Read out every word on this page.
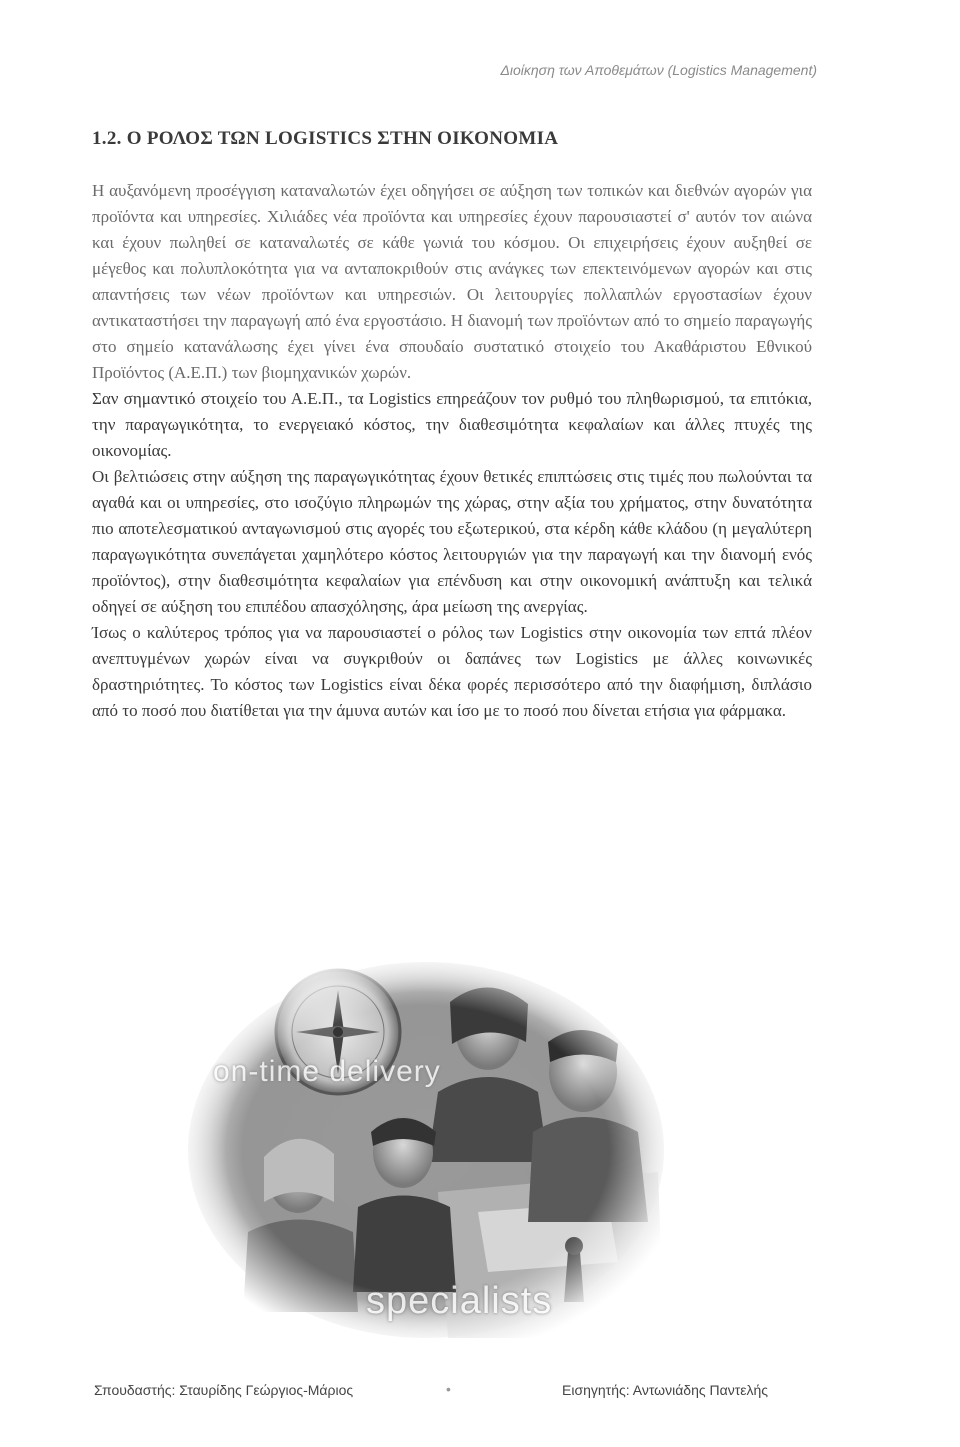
Διοίκηση των Αποθεμάτων (Logistics Management)
1.2. Ο ΡΟΛΟΣ ΤΩΝ LOGISTICS ΣΤΗΝ ΟΙΚΟΝΟΜΙΑ

Η αυξανόμενη προσέγγιση καταναλωτών έχει οδηγήσει σε αύξηση των τοπικών και διεθνών αγορών για προϊόντα και υπηρεσίες. Χιλιάδες νέα προϊόντα και υπηρεσίες έχουν παρουσιαστεί σ' αυτόν τον αιώνα και έχουν πωληθεί σε καταναλωτές σε κάθε γωνιά του κόσμου. Οι επιχειρήσεις έχουν αυξηθεί σε μέγεθος και πολυπλοκότητα για να ανταποκριθούν στις ανάγκες των επεκτεινόμενων αγορών και στις απαντήσεις των νέων προϊόντων και υπηρεσιών. Οι λειτουργίες πολλαπλών εργοστασίων έχουν αντικαταστήσει την παραγωγή από ένα εργοστάσιο. Η διανομή των προϊόντων από το σημείο παραγωγής στο σημείο κατανάλωσης έχει γίνει ένα σπουδαίο συστατικό στοιχείο του Ακαθάριστου Εθνικού Προϊόντος (Α.Ε.Π.) των βιομηχανικών χωρών.

Σαν σημαντικό στοιχείο του Α.Ε.Π., τα Logistics επηρεάζουν τον ρυθμό του πληθωρισμού, τα επιτόκια, την παραγωγικότητα, το ενεργειακό κόστος, την διαθεσιμότητα κεφαλαίων και άλλες πτυχές της οικονομίας.

Οι βελτιώσεις στην αύξηση της παραγωγικότητας έχουν θετικές επιπτώσεις στις τιμές που πωλούνται τα αγαθά και οι υπηρεσίες, στο ισοζύγιο πληρωμών της χώρας, στην αξία του χρήματος, στην δυνατότητα πιο αποτελεσματικού ανταγωνισμού στις αγορές του εξωτερικού, στα κέρδη κάθε κλάδου (η μεγαλύτερη παραγωγικότητα συνεπάγεται χαμηλότερο κόστος λειτουργιών για την παραγωγή και την διανομή ενός προϊόντος), στην διαθεσιμότητα κεφαλαίων για επένδυση και στην οικονομική ανάπτυξη και τελικά οδηγεί σε αύξηση του επιπέδου απασχόλησης, άρα μείωση της ανεργίας.

Ίσως ο καλύτερος τρόπος για να παρουσιαστεί ο ρόλος των Logistics στην οικονομία των επτά πλέον ανεπτυγμένων χωρών είναι να συγκριθούν οι δαπάνες των Logistics με άλλες κοινωνικές δραστηριότητες. Το κόστος των Logistics είναι δέκα φορές περισσότερο από την διαφήμιση, διπλάσιο από το ποσό που διατίθεται για την άμυνα αυτών και ίσο με το ποσό που δίνεται ετήσια για φάρμακα.

on-time delivery
specialists
Σπουδαστής: Σταυρίδης Γεώργιος-Μάριος	•	Εισηγητής: Αντωνιάδης Παντελής
